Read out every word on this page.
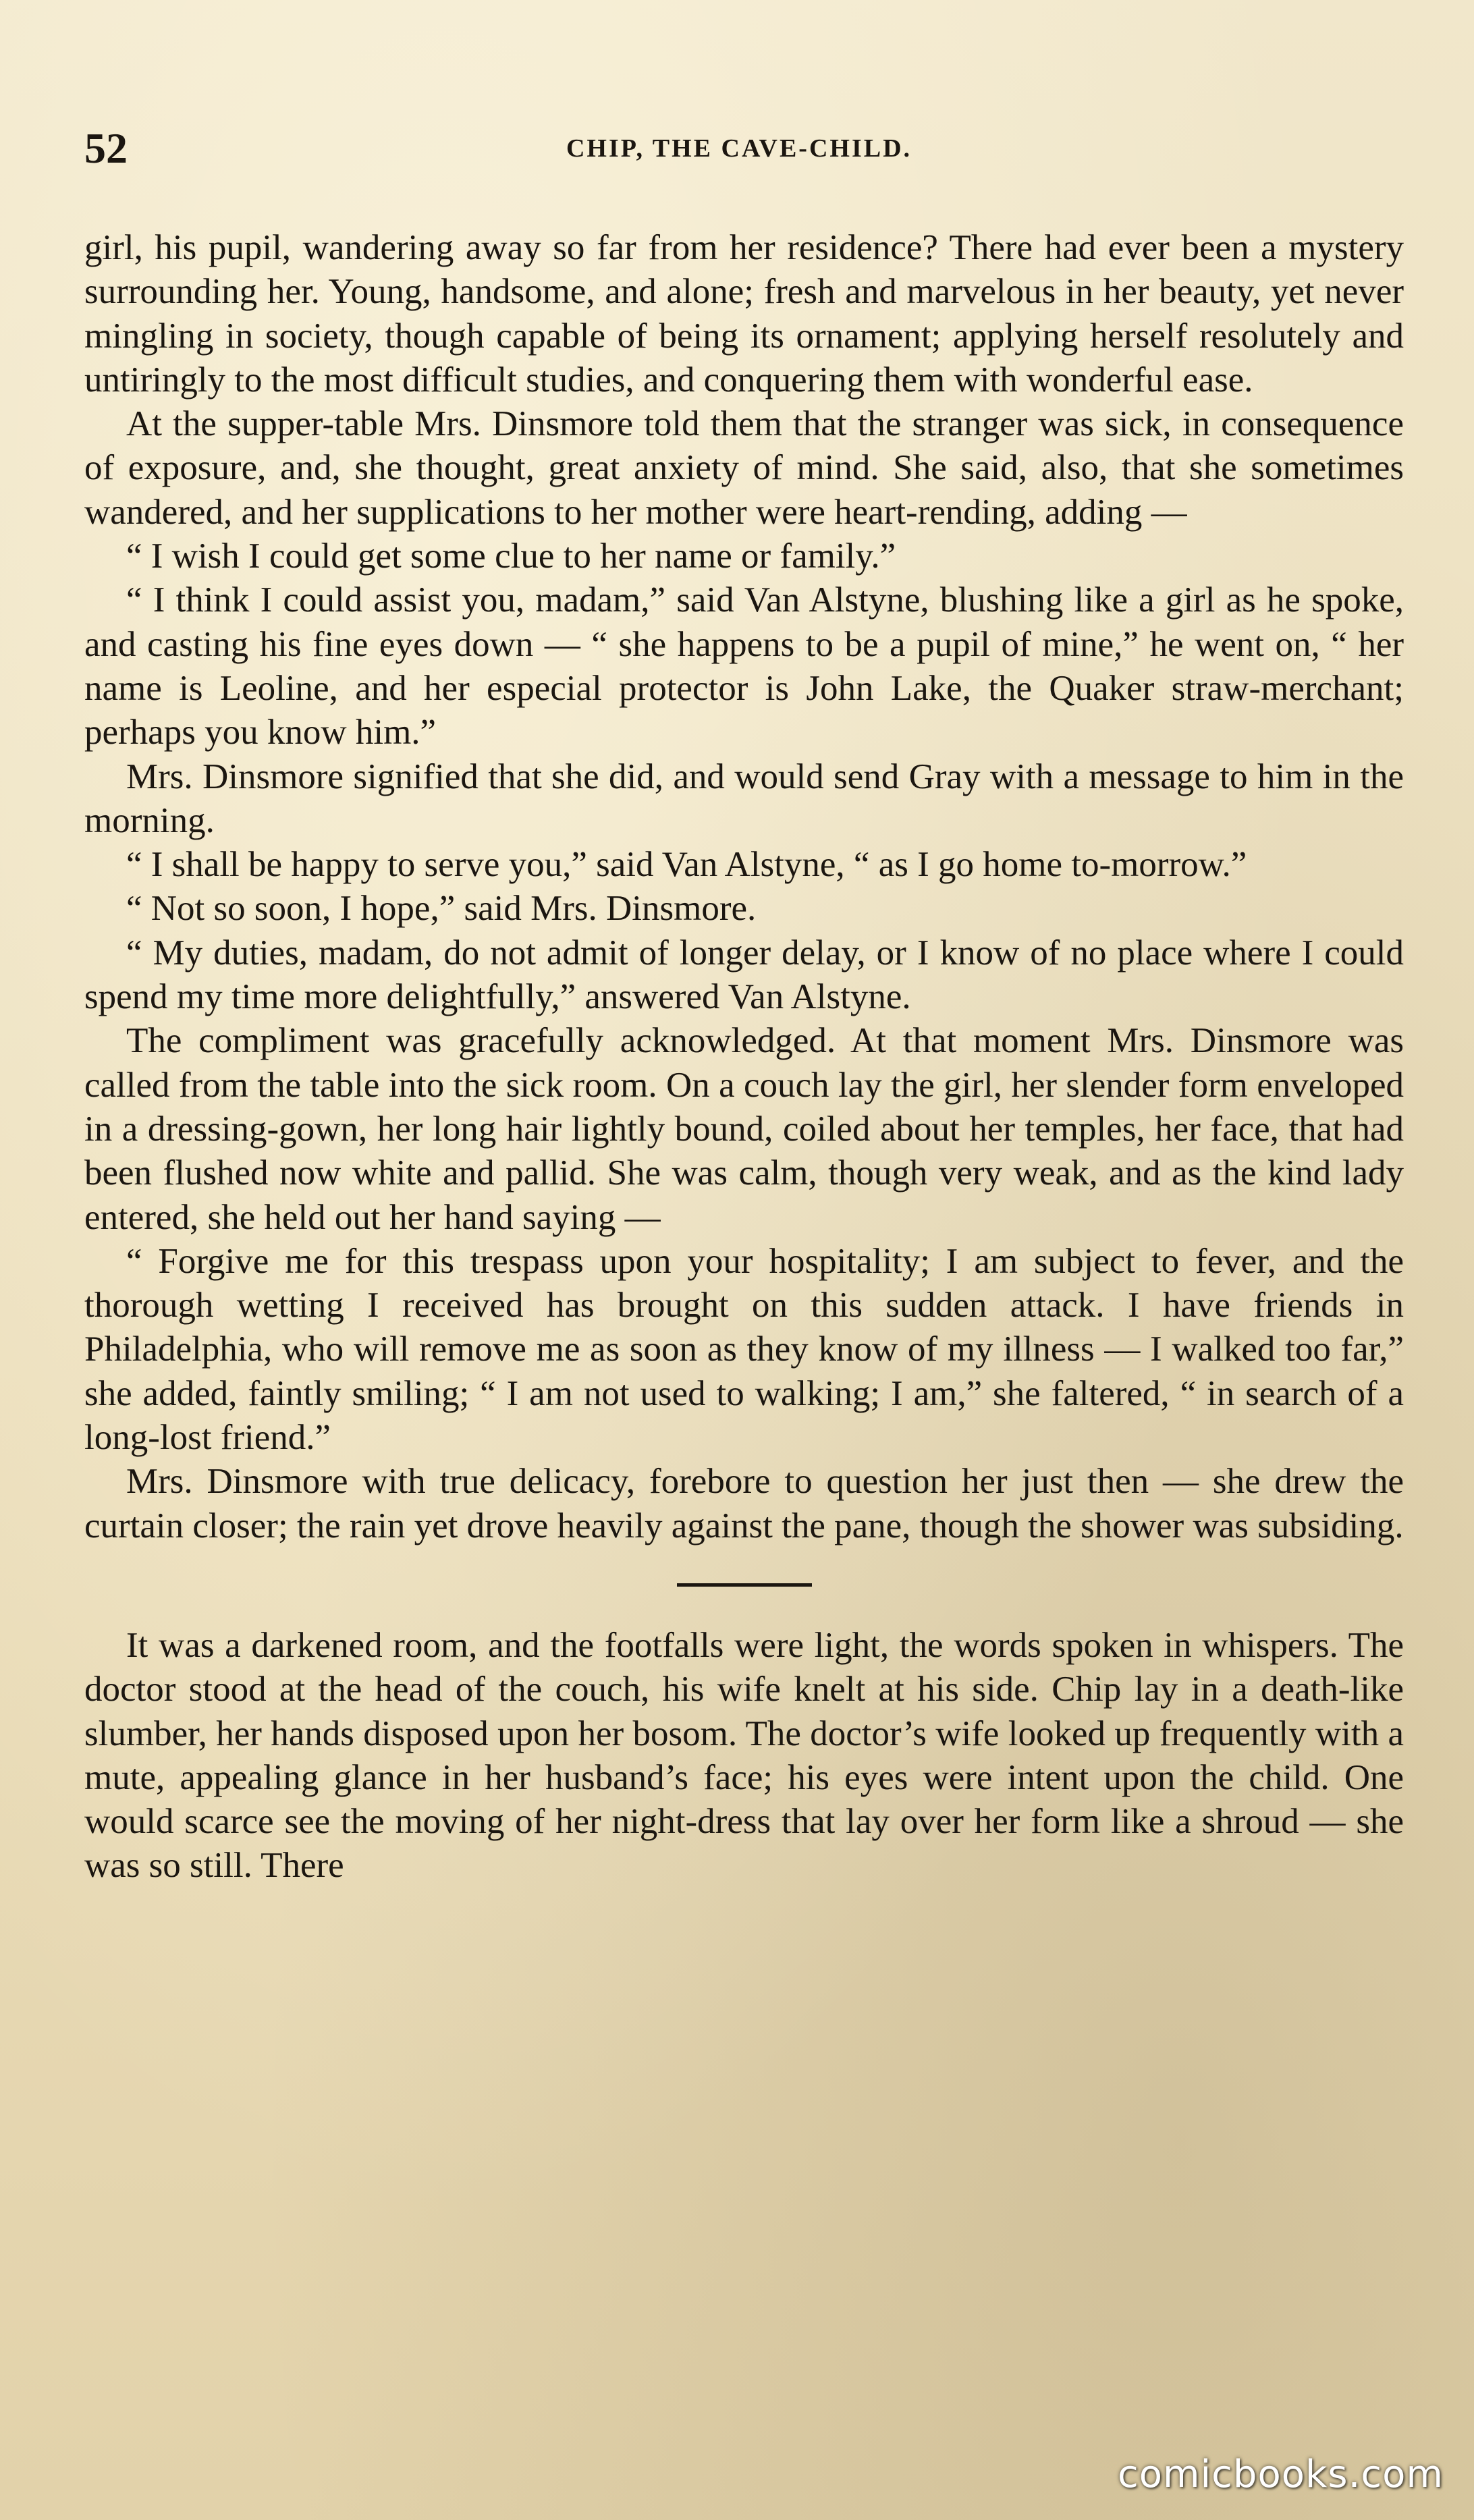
52	CHIP, THE CAVE-CHILD.

girl, his pupil, wandering away so far from her residence? There had ever been a mystery surrounding her. Young, handsome, and alone; fresh and marvelous in her beauty, yet never mingling in society, though capable of being its ornament; applying herself resolutely and untiringly to the most difficult studies, and conquering them with wonderful ease.

At the supper-table Mrs. Dinsmore told them that the stranger was sick, in consequence of exposure, and, she thought, great anxiety of mind. She said, also, that she sometimes wandered, and her supplications to her mother were heart-rending, adding —

“ I wish I could get some clue to her name or family.”

“ I think I could assist you, madam,” said Van Alstyne, blushing like a girl as he spoke, and casting his fine eyes down — “ she happens to be a pupil of mine,” he went on, “ her name is Leoline, and her especial protector is John Lake, the Quaker straw-merchant; perhaps you know him.”

Mrs. Dinsmore signified that she did, and would send Gray with a message to him in the morning.

“ I shall be happy to serve you,” said Van Alstyne, “ as I go home to-morrow.”

“ Not so soon, I hope,” said Mrs. Dinsmore.

“ My duties, madam, do not admit of longer delay, or I know of no place where I could spend my time more delightfully,” answered Van Alstyne.

The compliment was gracefully acknowledged. At that moment Mrs. Dinsmore was called from the table into the sick room. On a couch lay the girl, her slender form enveloped in a dressing-gown, her long hair lightly bound, coiled about her temples, her face, that had been flushed now white and pallid. She was calm, though very weak, and as the kind lady entered, she held out her hand saying —

“ Forgive me for this trespass upon your hospitality; I am subject to fever, and the thorough wetting I received has brought on this sudden attack. I have friends in Philadelphia, who will remove me as soon as they know of my illness — I walked too far,” she added, faintly smiling; “ I am not used to walking; I am,” she faltered, “ in search of a long-lost friend.”

Mrs. Dinsmore with true delicacy, forebore to question her just then — she drew the curtain closer; the rain yet drove heavily against the pane, though the shower was subsiding.

It was a darkened room, and the footfalls were light, the words spoken in whispers. The doctor stood at the head of the couch, his wife knelt at his side. Chip lay in a death-like slumber, her hands disposed upon her bosom. The doctor’s wife looked up frequently with a mute, appealing glance in her husband’s face; his eyes were intent upon the child. One would scarce see the moving of her night-dress that lay over her form like a shroud — she was so still. There

comicbooks.com
